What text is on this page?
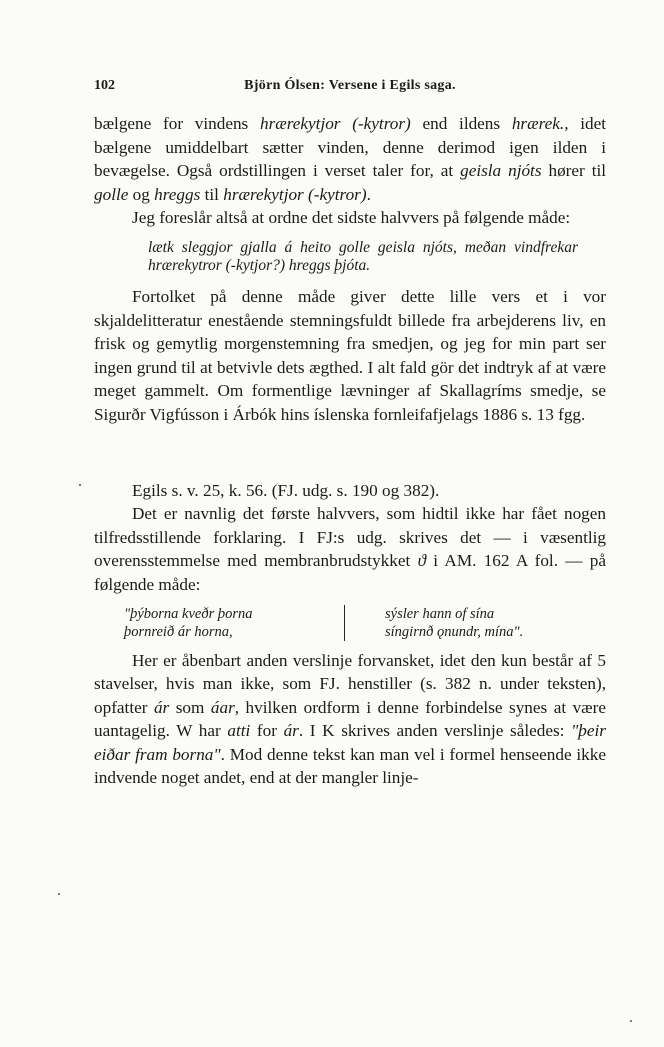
102	Björn Ólsen: Versene i Egils saga.

bælgene for vindens hrærekytjor (-kytror) end ildens hrærek., idet bælgene umiddelbart sætter vinden, denne derimod igen ilden i bevægelse. Også ordstillingen i verset taler for, at geisla njóts hører til golle og hreggs til hrærekytjor (-kytror).

Jeg foreslår altså at ordne det sidste halvvers på følgende måde:

lætk sleggjor gjalla á heito golle geisla njóts, meðan vindfrekar hrærekytror (-kytjor?) hreggs þjóta.

Fortolket på denne måde giver dette lille vers et i vor skjaldelitteratur enestående stemningsfuldt billede fra arbejderens liv, en frisk og gemytlig morgenstemning fra smedjen, og jeg for min part ser ingen grund til at betvivle dets ægthed. I alt fald gör det indtryk af at være meget gammelt. Om formentlige lævninger af Skallagríms smedje, se Sigurðr Vigfússon i Árbók hins íslenska fornleifafjelags 1886 s. 13 fgg.

Egils s. v. 25, k. 56. (FJ. udg. s. 190 og 382).

Det er navnlig det første halvvers, som hidtil ikke har fået nogen tilfredsstillende forklaring. I FJ:s udg. skrives det — i væsentlig overensstemmelse med membranbrudstykket ϑ i AM. 162 A fol. — på følgende måde:

"þýborna kveðr þorna
þornreið ár horna,
sýsler hann of sína
síngirnð ǫnundr, mína".

Her er åbenbart anden verslinje forvansket, idet den kun består af 5 stavelser, hvis man ikke, som FJ. henstiller (s. 382 n. under teksten), opfatter ár som áar, hvilken ordform i denne forbindelse synes at være uantagelig. W har atti for ár. I K skrives anden verslinje således: "þeir eiðar fram borna". Mod denne tekst kan man vel i formel henseende ikke indvende noget andet, end at der mangler linje-
